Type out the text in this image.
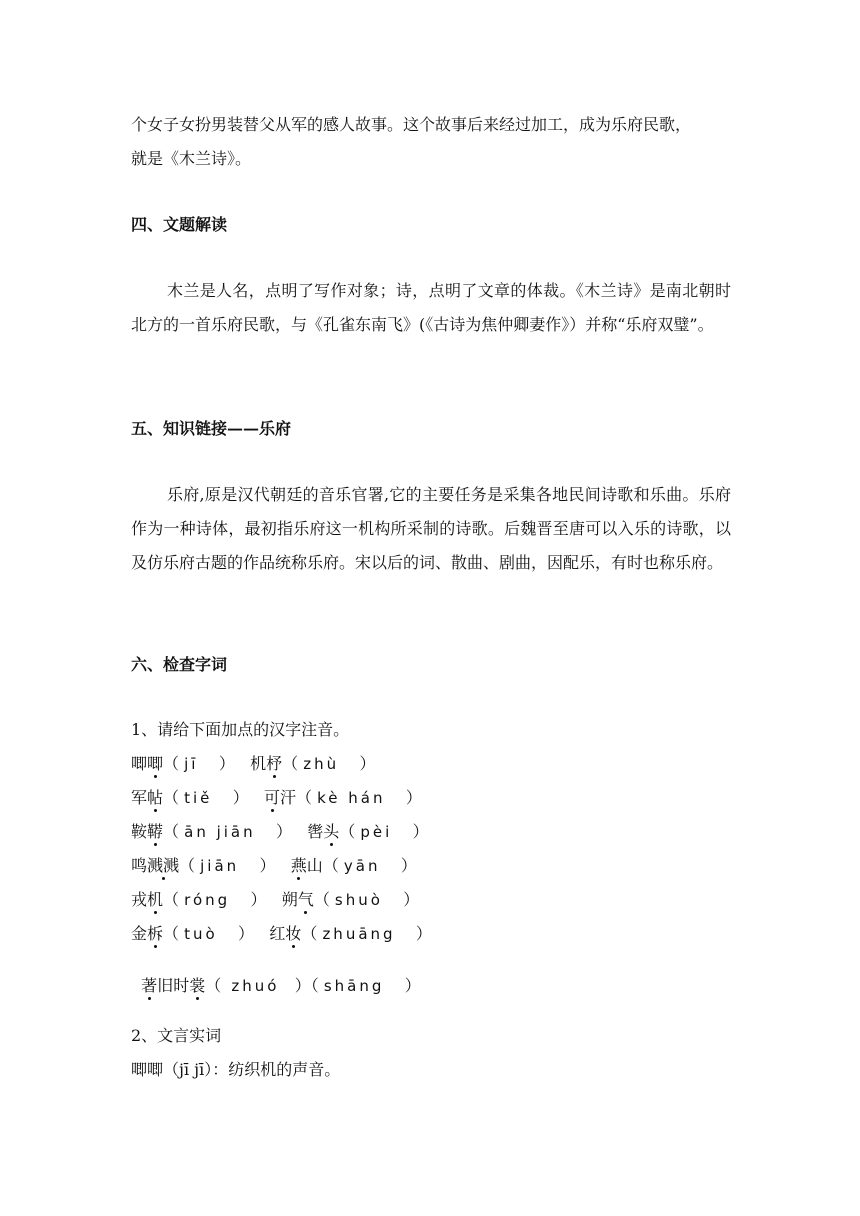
个女子女扮男装替父从军的感人故事。这个故事后来经过加工，成为乐府民歌，
就是《木兰诗》。
四、文题解读
木兰是人名，点明了写作对象；诗，点明了文章的体裁。《木兰诗》是南北朝时北方的一首乐府民歌，与《孔雀东南飞》(《古诗为焦仲卿妻作》）并称“乐府双璧”。
五、知识链接——乐府
乐府,原是汉代朝廷的音乐官署,它的主要任务是采集各地民间诗歌和乐曲。乐府作为一种诗体，最初指乐府这一机构所采制的诗歌。后魏晋至唐可以入乐的诗歌，以及仿乐府古题的作品统称乐府。宋以后的词、散曲、剧曲，因配乐，有时也称乐府。
六、检查字词
1、请给下面加点的汉字注音。
唧唧（ jī    ）   机杼（ zhù    ）
军帖（ tiě    ）   可汗（ kè hán    ）
鞍鞯（ ān jiān    ）   辔头（ pèi    ）
鸣溅溅（ jiān    ）   燕山（ yān    ）
戎机（ róng    ）   朔气（ shuò    ）
金柝（ tuò    ）   红妆（ zhuāng    ）

著旧时裳（  zhuó   ）（ shāng    ）

2、文言实词
唧唧（jī jī）：纺织机的声音。
